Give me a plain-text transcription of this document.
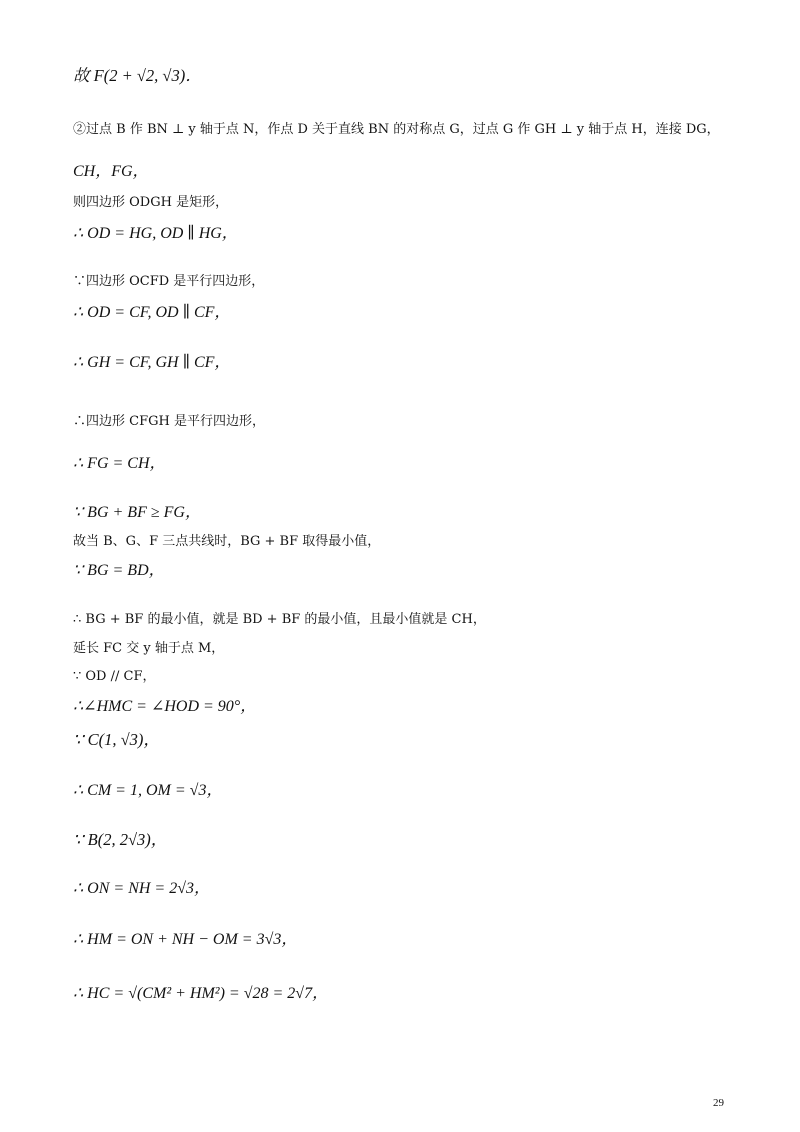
故 F(2 + √2, √3)．
②过点 B 作 BN ⊥ y 轴于点 N，作点 D 关于直线 BN 的对称点 G，过点 G 作 GH ⊥ y 轴于点 H，连接 DG，
CH，FG，
则四边形 ODGH 是矩形，
∴ OD = HG, OD ∥ HG，
∵四边形 OCFD 是平行四边形，
∴ OD = CF, OD ∥ CF，
∴ GH = CF, GH ∥ CF，
∴四边形 CFGH 是平行四边形，
∴ FG = CH，
∵ BG + BF ≥ FG，
故当 B、G、F 三点共线时，BG + BF 取得最小值，
∵ BG = BD，
∴ BG + BF 的最小值，就是 BD + BF 的最小值，且最小值就是 CH，
延长 FC 交 y 轴于点 M，
∵ OD // CF，
∴∠HMC = ∠HOD = 90°，
∵ C(1, √3)，
∴ CM = 1, OM = √3，
∵ B(2, 2√3)，
∴ ON = NH = 2√3，
∴ HM = ON + NH − OM = 3√3，
∴ HC = √(CM² + HM²) = √28 = 2√7，
29
